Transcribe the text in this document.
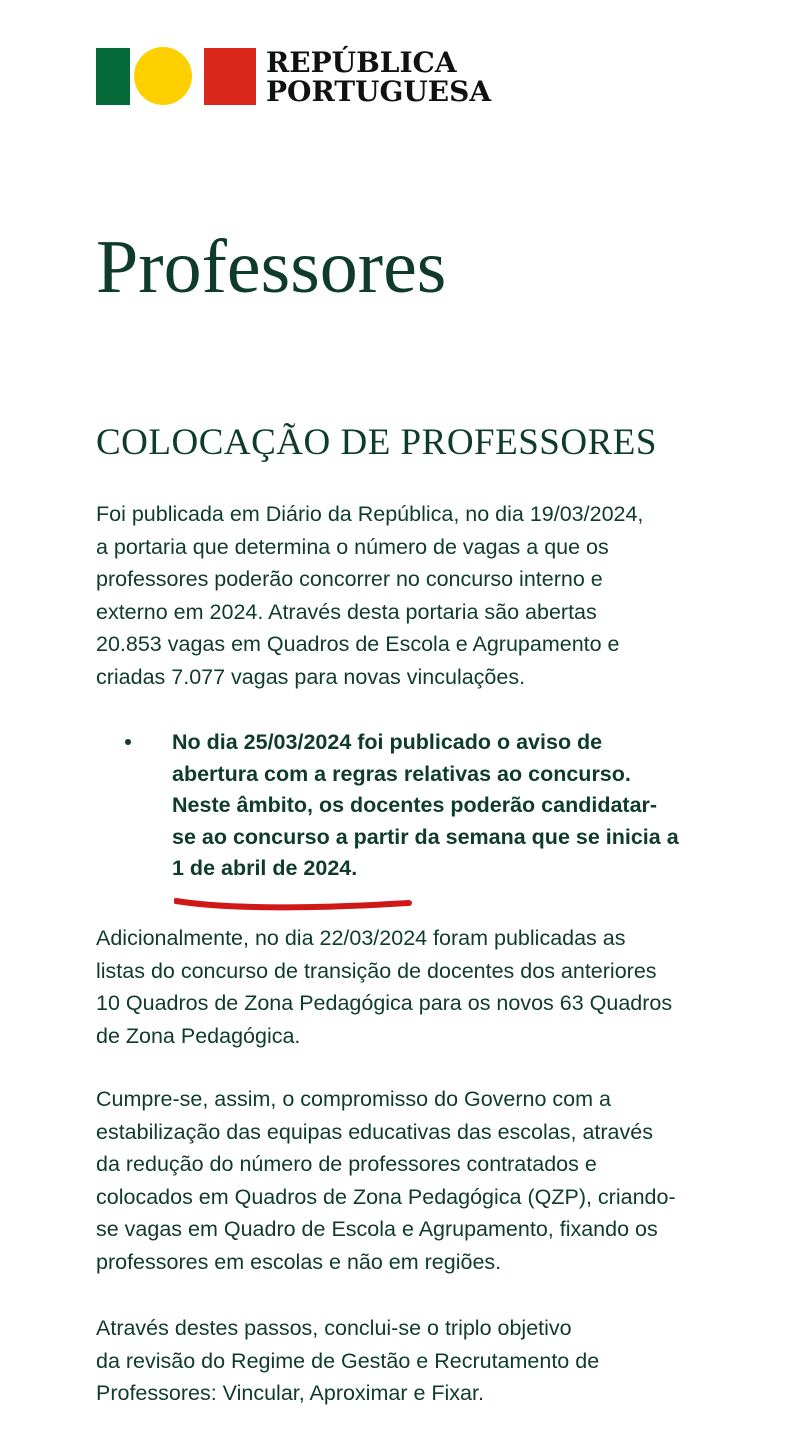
REPÚBLICA
PORTUGUESA
Professores
COLOCAÇÃO DE PROFESSORES

Foi publicada em Diário da República, no dia 19/03/2024,
a portaria que determina o número de vagas a que os
professores poderão concorrer no concurso interno e
externo em 2024. Através desta portaria são abertas
20.853 vagas em Quadros de Escola e Agrupamento e
criadas 7.077 vagas para novas vinculações.

No dia 25/03/2024 foi publicado o aviso de
abertura com a regras relativas ao concurso.
Neste âmbito, os docentes poderão candidatar-
se ao concurso a partir da semana que se inicia a
1 de abril de 2024.

Adicionalmente, no dia 22/03/2024 foram publicadas as
listas do concurso de transição de docentes dos anteriores
10 Quadros de Zona Pedagógica para os novos 63 Quadros
de Zona Pedagógica.

Cumpre-se, assim, o compromisso do Governo com a
estabilização das equipas educativas das escolas, através
da redução do número de professores contratados e
colocados em Quadros de Zona Pedagógica (QZP), criando-
se vagas em Quadro de Escola e Agrupamento, fixando os
professores em escolas e não em regiões.

Através destes passos, conclui-se o triplo objetivo
da revisão do Regime de Gestão e Recrutamento de
Professores: Vincular, Aproximar e Fixar.
